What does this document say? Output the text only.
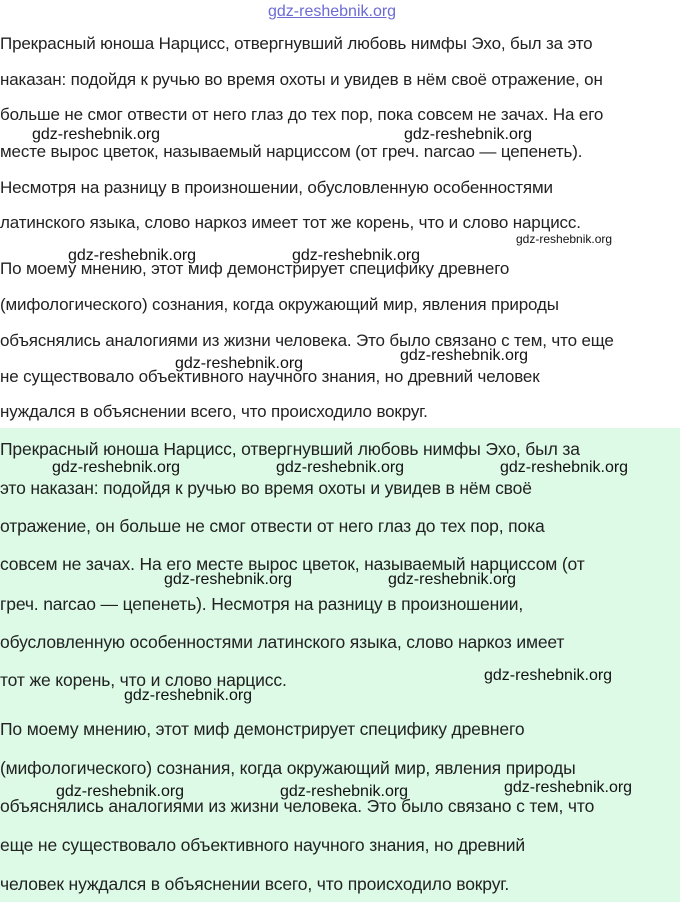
gdz-reshebnik.org
Прекрасный юноша Нарцисс, отвергнувший любовь нимфы Эхо, был за это
наказан: подойдя к ручью во время охоты и увидев в нём своё отражение, он
больше не смог отвести от него глаз до тех пор, пока совсем не зачах. На его
месте вырос цветок, называемый нарциссом (от греч. narcao — цепенеть).
Несмотря на разницу в произношении, обусловленную особенностями
латинского языка, слово наркоз имеет тот же корень, что и слово нарцисс.
По моему мнению, этот миф демонстрирует специфику древнего
(мифологического) сознания, когда окружающий мир, явления природы
объяснялись аналогиями из жизни человека. Это было связано с тем, что еще
не существовало объективного научного знания, но древний человек
нуждался в объяснении всего, что происходило вокруг.
Прекрасный юноша Нарцисс, отвергнувший любовь нимфы Эхо, был за
это наказан: подойдя к ручью во время охоты и увидев в нём своё
отражение, он больше не смог отвести от него глаз до тех пор, пока
совсем не зачах. На его месте вырос цветок, называемый нарциссом (от
греч. narcao — цепенеть). Несмотря на разницу в произношении,
обусловленную особенностями латинского языка, слово наркоз имеет
тот же корень, что и слово нарцисс.
По моему мнению, этот миф демонстрирует специфику древнего
(мифологического) сознания, когда окружающий мир, явления природы
объяснялись аналогиями из жизни человека. Это было связано с тем, что
еще не существовало объективного научного знания, но древний
человек нуждался в объяснении всего, что происходило вокруг.
gdz-reshebnik.org	gdz-reshebnik.org
gdz-reshebnik.org
gdz-reshebnik.org	gdz-reshebnik.org
gdz-reshebnik.org	gdz-reshebnik.org
gdz-reshebnik.org	gdz-reshebnik.org	gdz-reshebnik.org
gdz-reshebnik.org	gdz-reshebnik.org
gdz-reshebnik.org
gdz-reshebnik.org
gdz-reshebnik.org	gdz-reshebnik.org	gdz-reshebnik.org
